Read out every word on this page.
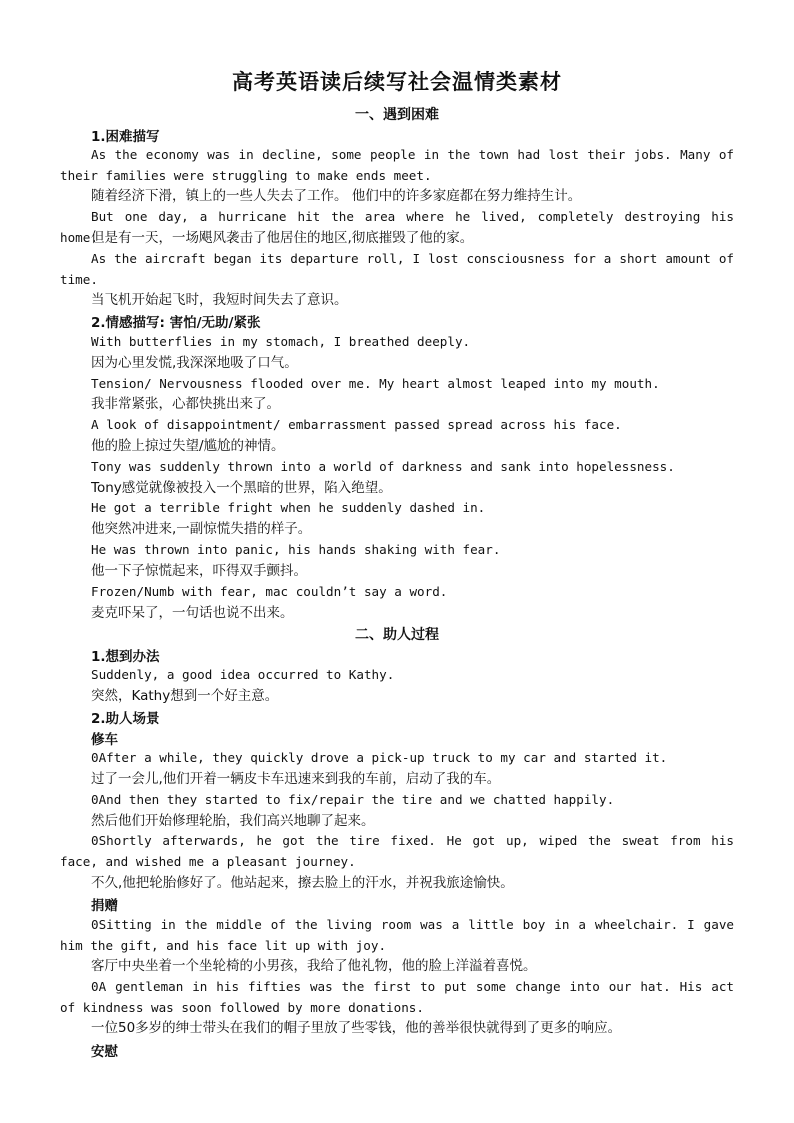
高考英语读后续写社会温情类素材
一、遇到困难
1.困难描写
As the economy was in decline, some people in the town had lost their jobs. Many of their families were struggling to make ends meet.
随着经济下滑，镇上的一些人失去了工作。 他们中的许多家庭都在努力维持生计。
But one day, a hurricane hit the area where he lived, completely destroying his home.
但是有一天，一场飓风袭击了他居住的地区,彻底摧毁了他的家。
As the aircraft began its departure roll, I lost consciousness for a short amount of time.
当飞机开始起飞时，我短时间失去了意识。
2.情感描写: 害怕/无助/紧张
With butterflies in my stomach, I breathed deeply.
因为心里发慌,我深深地吸了口气。
Tension/ Nervousness flooded over me. My heart almost leaped into my mouth.
我非常紧张，心都快挑出来了。
A look of disappointment/ embarrassment passed spread across his face.
他的脸上掠过失望/尴尬的神情。
Tony was suddenly thrown into a world of darkness and sank into hopelessness.
Tony感觉就像被投入一个黑暗的世界，陷入绝望。
He got a terrible fright when he suddenly dashed in.
他突然冲进来,一副惊慌失措的样子。
He was thrown into panic, his hands shaking with fear.
他一下子惊慌起来，吓得双手颤抖。
Frozen/Numb with fear, mac couldn’t say a word.
麦克吓呆了，一句话也说不出来。
二、助人过程
1.想到办法
Suddenly, a good idea occurred to Kathy.
突然，Kathy想到一个好主意。
2.助人场景
修车
0After a while, they quickly drove a pick-up truck to my car and started it.
过了一会儿,他们开着一辆皮卡车迅速来到我的车前，启动了我的车。
0And then they started to fix/repair the tire and we chatted happily.
然后他们开始修理轮胎，我们高兴地聊了起来。
0Shortly afterwards, he got the tire fixed. He got up, wiped the sweat from his face, and wished me a pleasant journey.
不久,他把轮胎修好了。他站起来，擦去脸上的汗水，并祝我旅途愉快。
捐赠
0Sitting in the middle of the living room was a little boy in a wheelchair. I gave him the gift, and his face lit up with joy.
客厅中央坐着一个坐轮椅的小男孩，我给了他礼物，他的脸上洋溢着喜悦。
0A gentleman in his fifties was the first to put some change into our hat. His act of kindness was soon followed by more donations.
一位50多岁的绅士带头在我们的帽子里放了些零钱，他的善举很快就得到了更多的响应。
安慰
